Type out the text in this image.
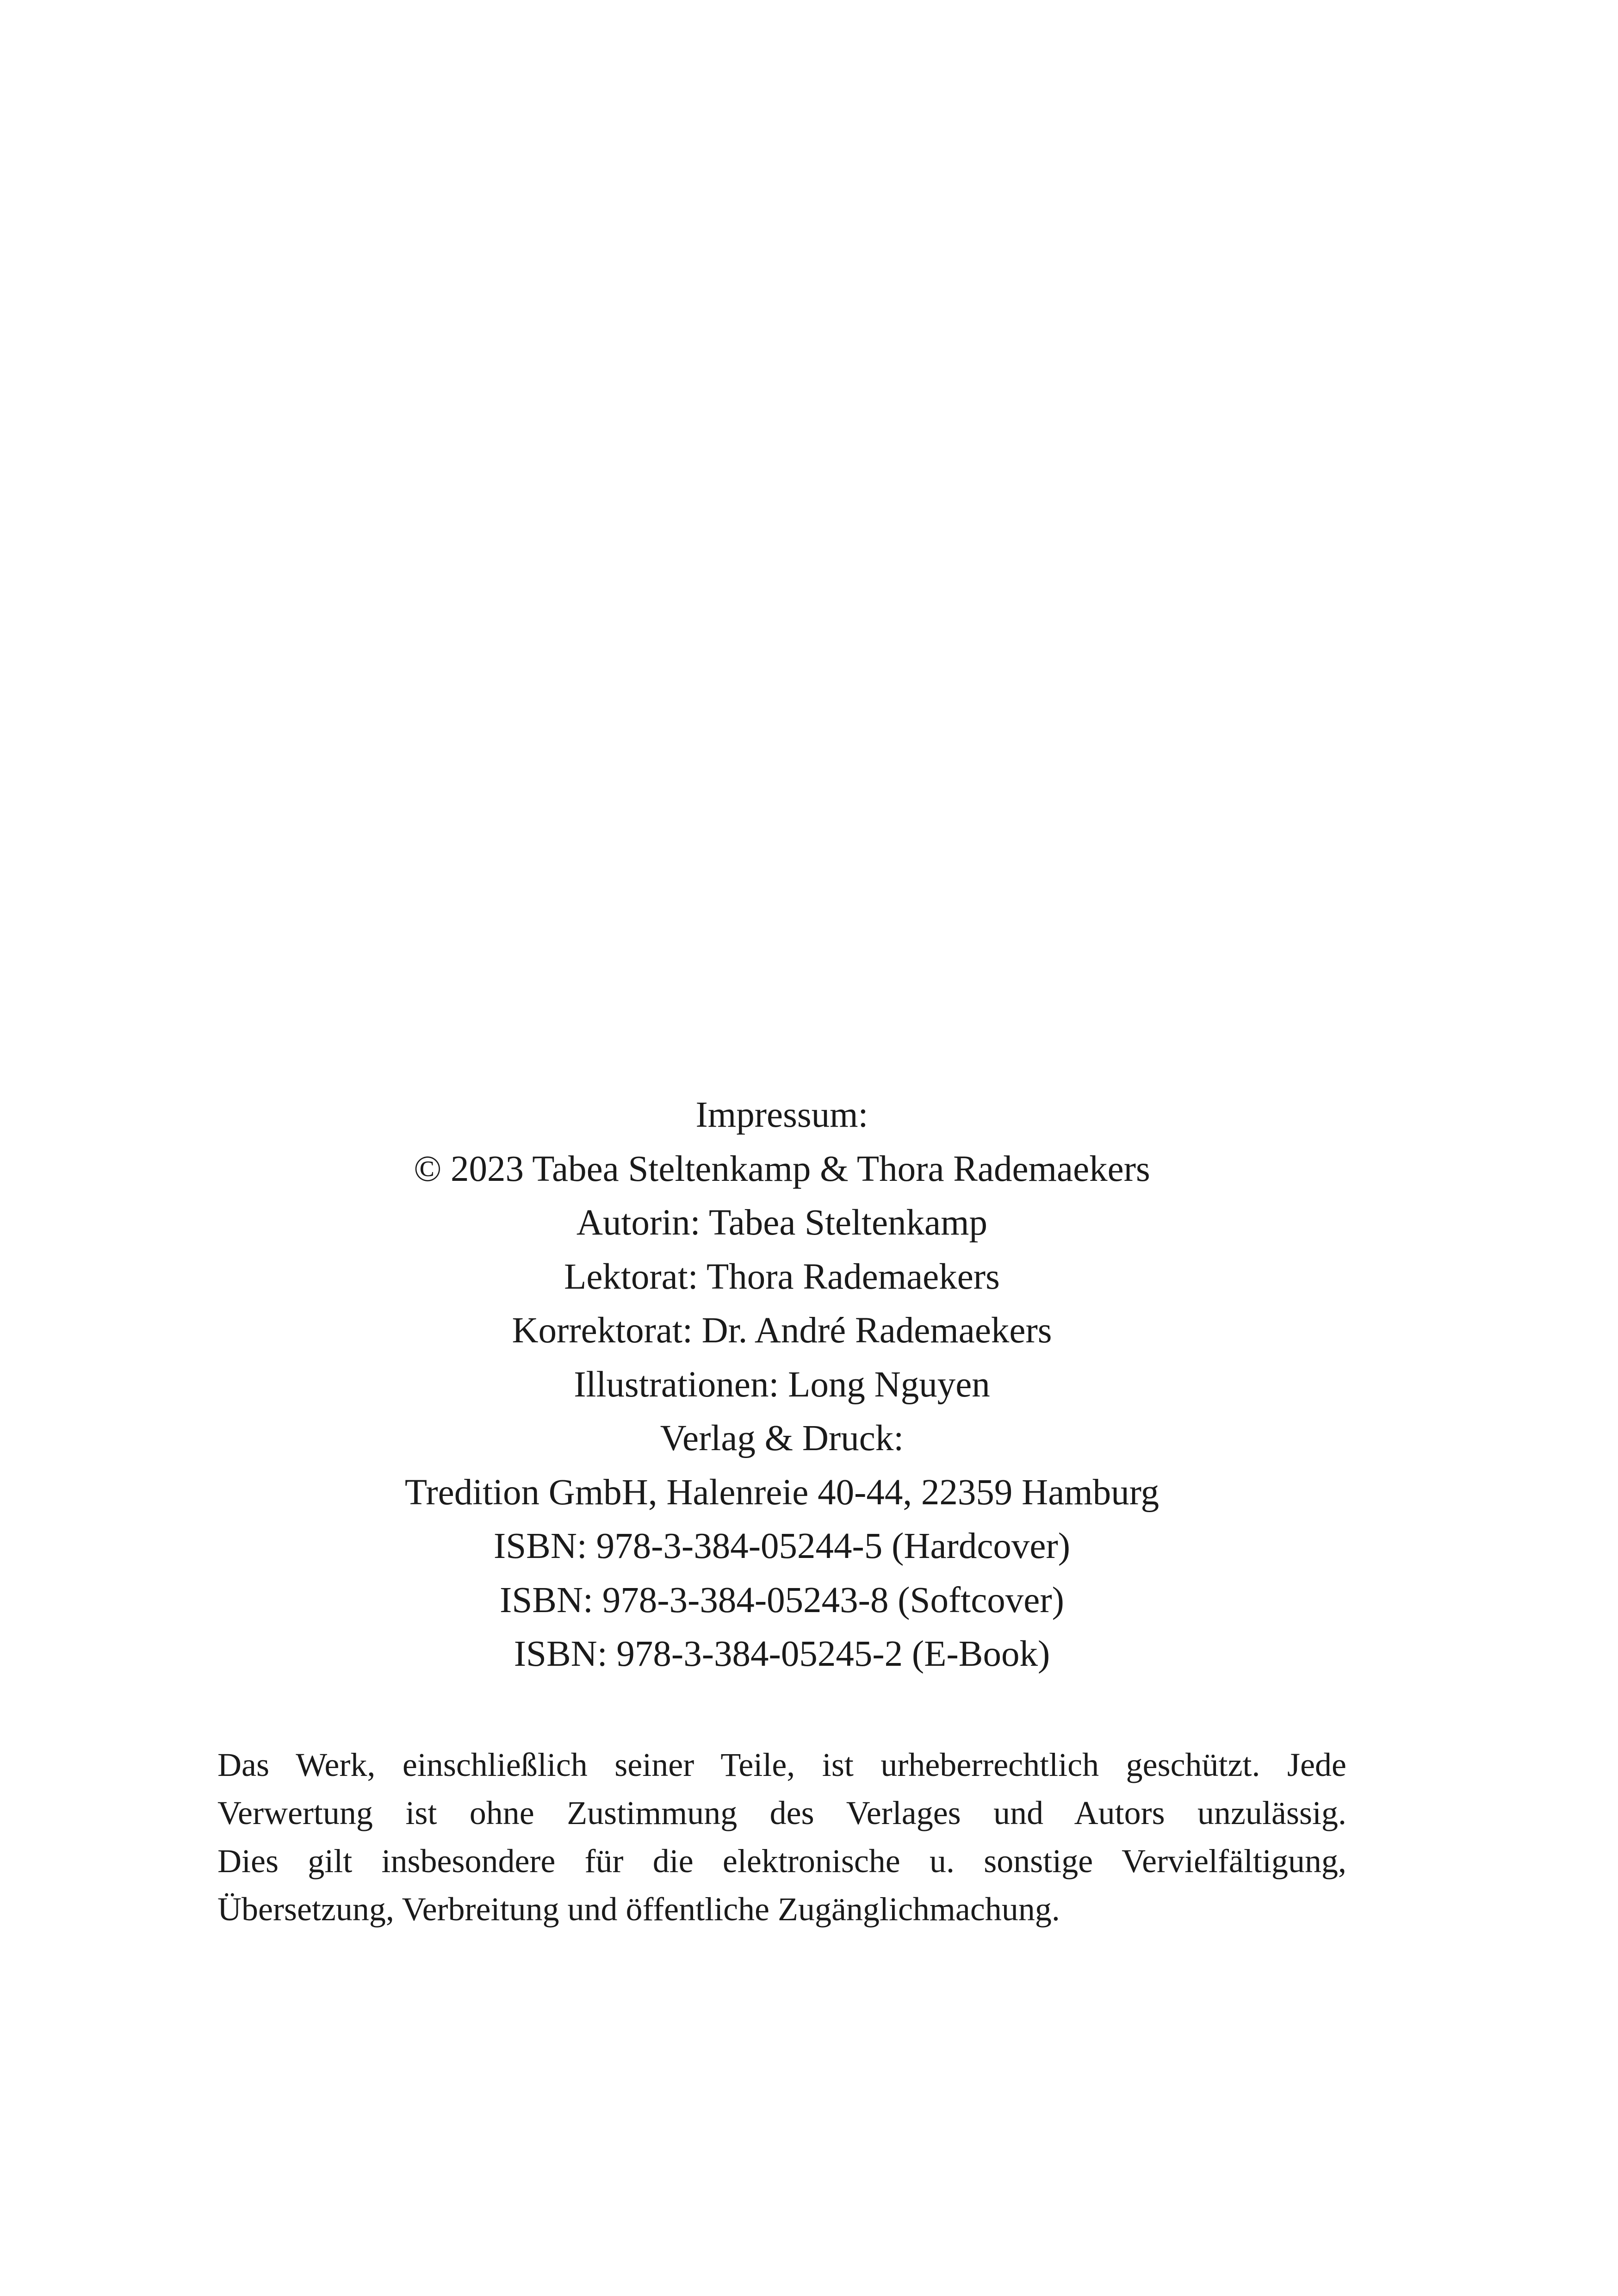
Impressum:
© 2023 Tabea Steltenkamp & Thora Rademaekers
Autorin: Tabea Steltenkamp
Lektorat: Thora Rademaekers
Korrektorat: Dr. André Rademaekers
Illustrationen: Long Nguyen
Verlag & Druck:
Tredition GmbH, Halenreie 40-44, 22359 Hamburg
ISBN: 978-3-384-05244-5 (Hardcover)
ISBN: 978-3-384-05243-8 (Softcover)
ISBN: 978-3-384-05245-2 (E-Book)
Das Werk, einschließlich seiner Teile, ist urheberrechtlich geschützt. Jede
Verwertung ist ohne Zustimmung des Verlages und Autors unzulässig.
Dies gilt insbesondere für die elektronische u. sonstige Vervielfältigung,
Übersetzung, Verbreitung und öffentliche Zugänglichmachung.
